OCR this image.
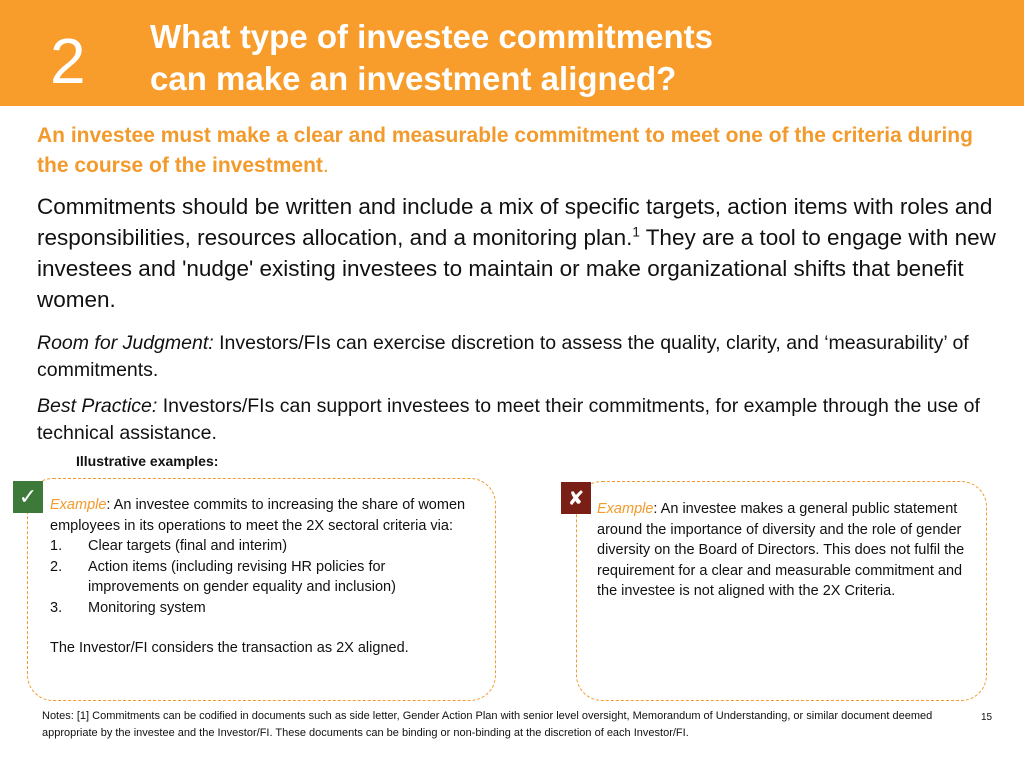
2	What type of investee commitments
can make an investment aligned?
An investee must make a clear and measurable commitment to meet one of the criteria during the course of the investment.
Commitments should be written and include a mix of specific targets, action items with roles and responsibilities, resources allocation, and a monitoring plan.$^1$ They are a tool to engage with new investees and 'nudge' existing investees to maintain or make organizational shifts that benefit women.
Room for Judgment: Investors/FIs can exercise discretion to assess the quality, clarity, and ‘measurability’ of commitments.
Best Practice: Investors/FIs can support investees to meet their commitments, for example through the use of technical assistance.
Illustrative examples:
✓ Example: An investee commits to increasing the share of women employees in its operations to meet the 2X sectoral criteria via:
1.	Clear targets (final and interim)
2.	Action items (including revising HR policies for improvements on gender equality and inclusion)
3.	Monitoring system
The Investor/FI considers the transaction as 2X aligned.
✘ Example: An investee makes a general public statement around the importance of diversity and the role of gender diversity on the Board of Directors. This does not fulfil the requirement for a clear and measurable commitment and the investee is not aligned with the 2X Criteria.
Notes: [1] Commitments can be codified in documents such as side letter, Gender Action Plan with senior level oversight, Memorandum of Understanding, or similar document deemed appropriate by the investee and the Investor/FI. These documents can be binding or non-binding at the discretion of each Investor/FI.
15
